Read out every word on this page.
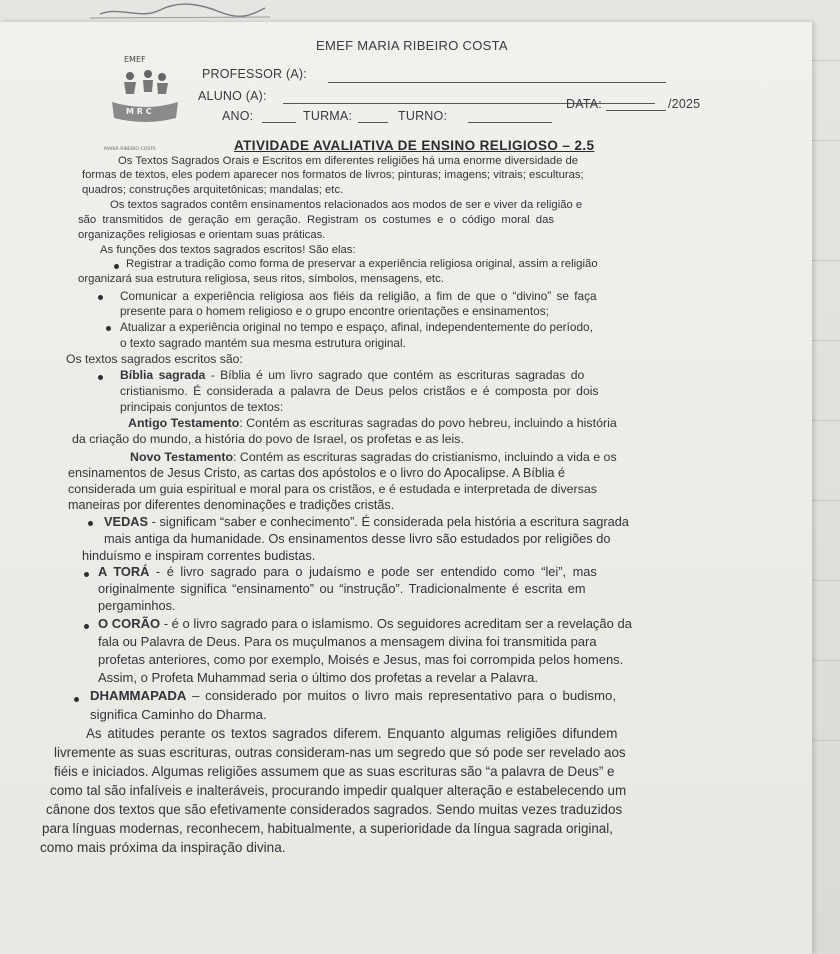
EMEF
M R C
MARIA RIBEIRO COSTA
EMEF MARIA RIBEIRO COSTA
PROFESSOR (A):
ALUNO (A):
ANO:	TURMA:	TURNO:
DATA:	/2025
ATIVIDADE AVALIATIVA DE ENSINO RELIGIOSO – 2.5
Os Textos Sagrados Orais e Escritos em diferentes religiões há uma enorme diversidade de
formas de textos, eles podem aparecer nos formatos de livros; pinturas; imagens; vitrais; esculturas;
quadros; construções arquitetônicas; mandalas; etc.
Os textos sagrados contêm ensinamentos relacionados aos modos de ser e viver da religião e
são transmitidos de geração em geração. Registram os costumes e o código moral das
organizações religiosas e orientam suas práticas.
As funções dos textos sagrados escritos! São elas:
Registrar a tradição como forma de preservar a experiência religiosa original, assim a religião
organizará sua estrutura religiosa, seus ritos, símbolos, mensagens, etc.
Comunicar a experiência religiosa aos fiéis da religião, a fim de que o “divino” se faça
presente para o homem religioso e o grupo encontre orientações e ensinamentos;
Atualizar a experiência original no tempo e espaço, afinal, independentemente do período,
o texto sagrado mantém sua mesma estrutura original.
Os textos sagrados escritos são:
Bíblia sagrada - Bíblia é um livro sagrado que contém as escrituras sagradas do
cristianismo. É considerada a palavra de Deus pelos cristãos e é composta por dois
principais conjuntos de textos:
Antigo Testamento: Contém as escrituras sagradas do povo hebreu, incluindo a história
da criação do mundo, a história do povo de Israel, os profetas e as leis.
Novo Testamento: Contém as escrituras sagradas do cristianismo, incluindo a vida e os
ensinamentos de Jesus Cristo, as cartas dos apóstolos e o livro do Apocalipse. A Bíblia é
considerada um guia espiritual e moral para os cristãos, e é estudada e interpretada de diversas
maneiras por diferentes denominações e tradições cristãs.
VEDAS - significam “saber e conhecimento”. É considerada pela história a escritura sagrada
mais antiga da humanidade. Os ensinamentos desse livro são estudados por religiões do
hinduísmo e inspiram correntes budistas.
A TORÁ - é livro sagrado para o judaísmo e pode ser entendido como “lei”, mas
originalmente significa “ensinamento” ou “instrução”. Tradicionalmente é escrita em
pergaminhos.
O CORÃO - é o livro sagrado para o islamismo. Os seguidores acreditam ser a revelação da
fala ou Palavra de Deus. Para os muçulmanos a mensagem divina foi transmitida para
profetas anteriores, como por exemplo, Moisés e Jesus, mas foi corrompida pelos homens.
Assim, o Profeta Muhammad seria o último dos profetas a revelar a Palavra.
DHAMMAPADA – considerado por muitos o livro mais representativo para o budismo,
significa Caminho do Dharma.
As atitudes perante os textos sagrados diferem. Enquanto algumas religiões difundem
livremente as suas escrituras, outras consideram-nas um segredo que só pode ser revelado aos
fiéis e iniciados. Algumas religiões assumem que as suas escrituras são “a palavra de Deus” e
como tal são infalíveis e inalteráveis, procurando impedir qualquer alteração e estabelecendo um
cânone dos textos que são efetivamente considerados sagrados. Sendo muitas vezes traduzidos
para línguas modernas, reconhecem, habitualmente, a superioridade da língua sagrada original,
como mais próxima da inspiração divina.
